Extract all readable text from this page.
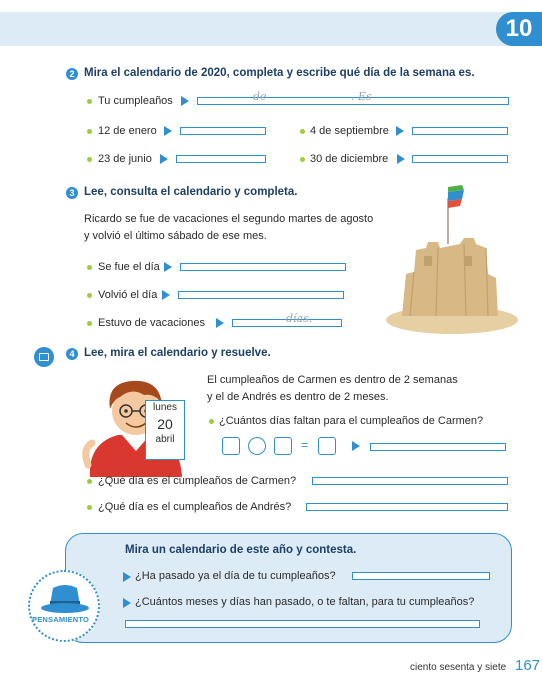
10
2 Mira el calendario de 2020, completa y escribe qué día de la semana es.
Tu cumpleaños	de	. Es
12 de enero	4 de septiembre
23 de junio	30 de diciembre
3 Lee, consulta el calendario y completa.
Ricardo se fue de vacaciones el segundo martes de agosto
y volvió el último sábado de ese mes.
Se fue el día
Volvió el día
Estuvo de vacaciones	días.
4 Lee, mira el calendario y resuelve.
El cumpleaños de Carmen es dentro de 2 semanas
y el de Andrés es dentro de 2 meses.
lunes
20
abril
¿Cuántos días faltan para el cumpleaños de Carmen?
=
¿Qué día es el cumpleaños de Carmen?
¿Qué día es el cumpleaños de Andrés?
Mira un calendario de este año y contesta.
PENSAMIENTO
¿Ha pasado ya el día de tu cumpleaños?
¿Cuántos meses y días han pasado, o te faltan, para tu cumpleaños?
ciento sesenta y siete 167
